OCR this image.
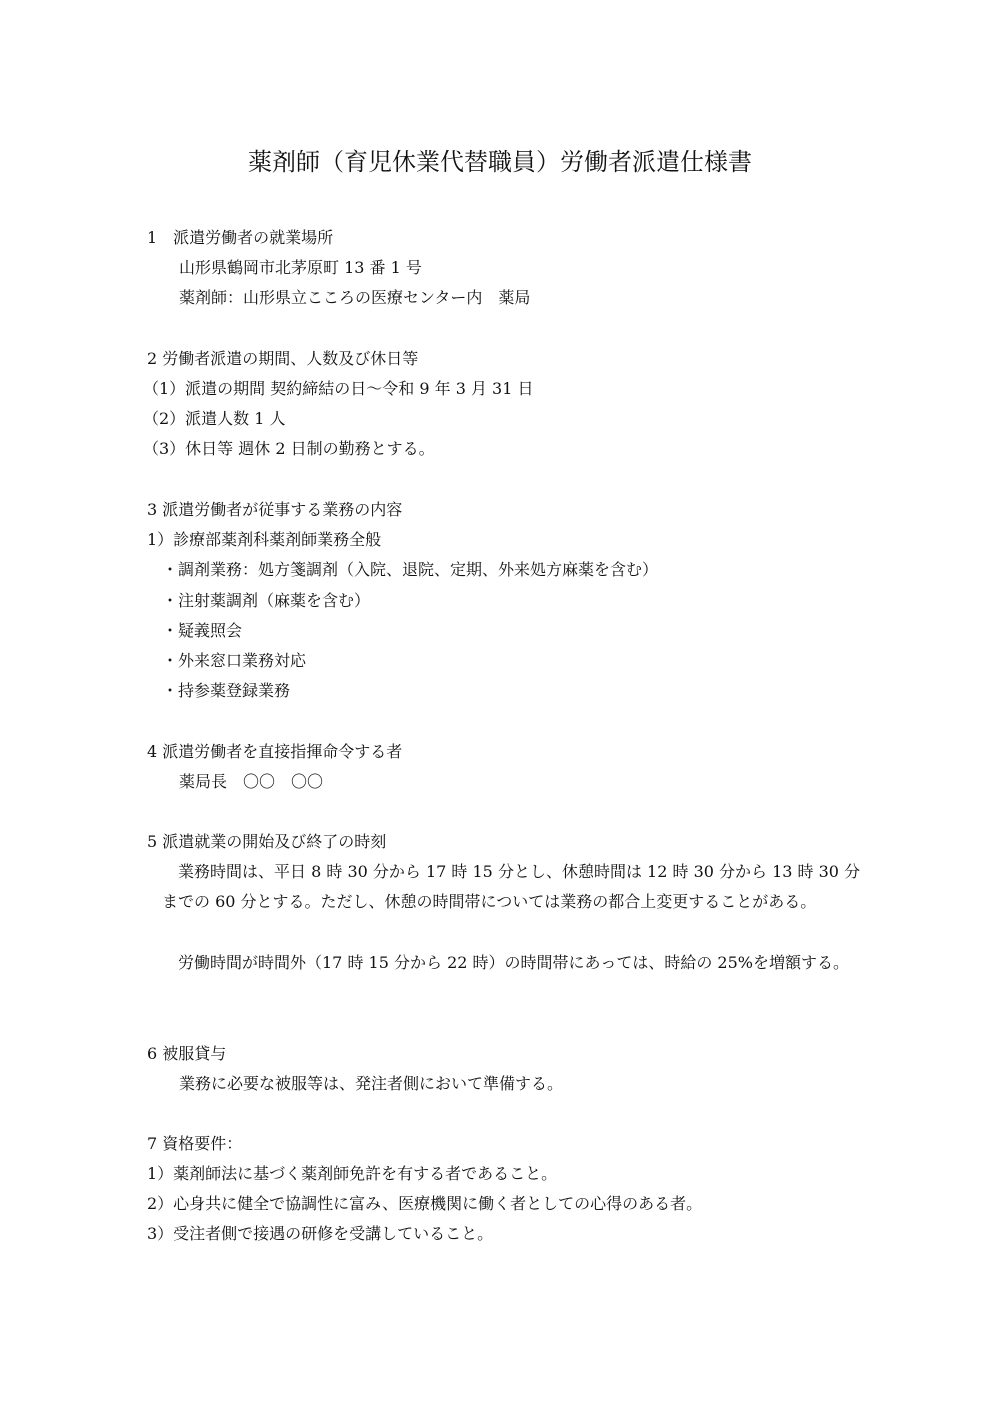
薬剤師（育児休業代替職員）労働者派遣仕様書
1　派遣労働者の就業場所
山形県鶴岡市北茅原町 13 番 1 号
薬剤師：山形県立こころの医療センター内　薬局
2 労働者派遣の期間、人数及び休日等
（1）派遣の期間 契約締結の日～令和 9 年 3 月 31 日
（2）派遣人数 1 人
（3）休日等 週休 2 日制の勤務とする。
3 派遣労働者が従事する業務の内容
1）診療部薬剤科薬剤師業務全般
・調剤業務：処方箋調剤（入院、退院、定期、外来処方麻薬を含む）
・注射薬調剤（麻薬を含む）
・疑義照会
・外来窓口業務対応
・持参薬登録業務
4 派遣労働者を直接指揮命令する者
薬局長　〇〇　〇〇
5 派遣就業の開始及び終了の時刻
　業務時間は、平日 8 時 30 分から 17 時 15 分とし、休憩時間は 12 時 30 分から 13 時 30 分までの 60 分とする。ただし、休憩の時間帯については業務の都合上変更することがある。
　労働時間が時間外（17 時 15 分から 22 時）の時間帯にあっては、時給の 25%を増額する。
6 被服貸与
業務に必要な被服等は、発注者側において準備する。
7 資格要件：
1）薬剤師法に基づく薬剤師免許を有する者であること。
2）心身共に健全で協調性に富み、医療機関に働く者としての心得のある者。
3）受注者側で接遇の研修を受講していること。
